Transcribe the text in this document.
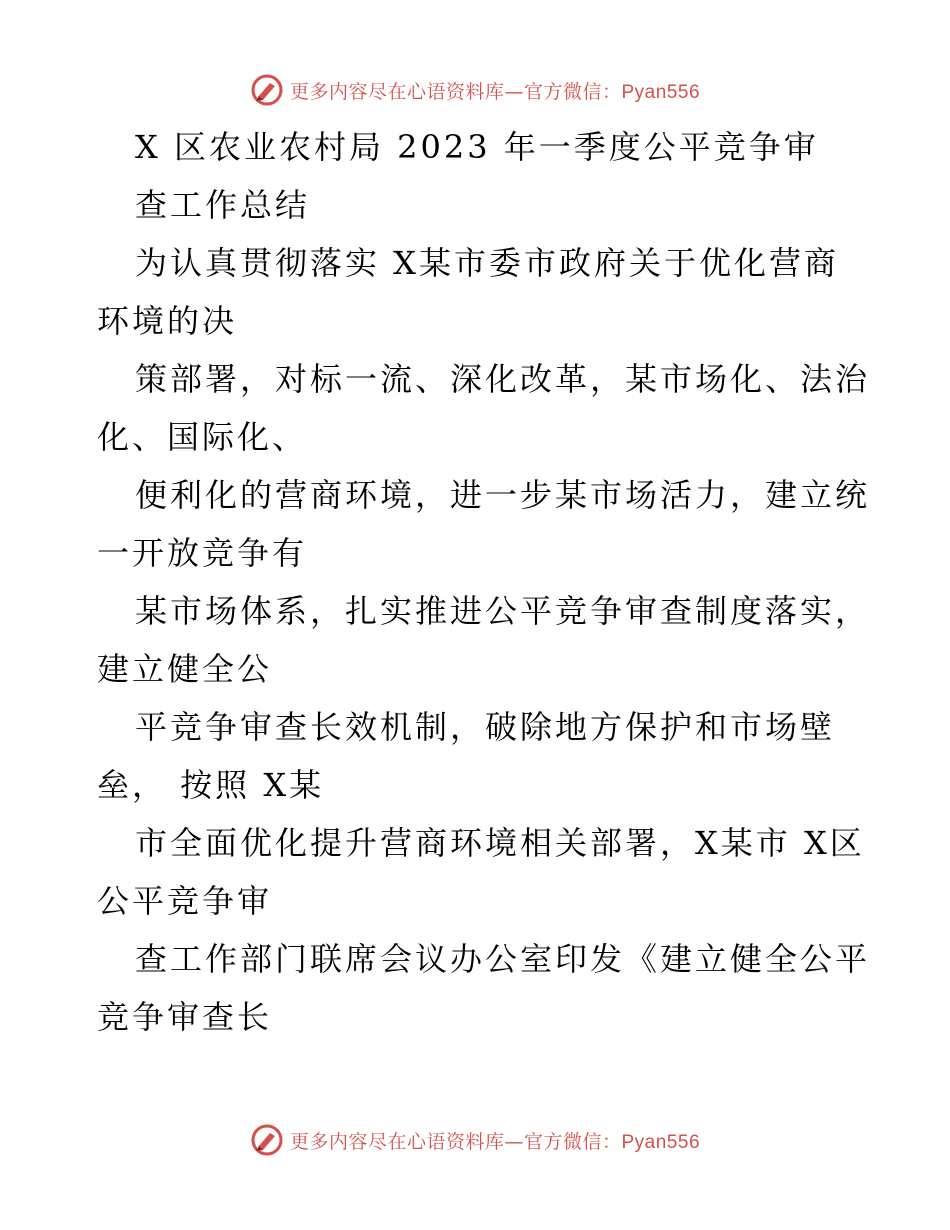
更多内容尽在心语资料库—官方微信：Pyan556
X 区农业农村局 2023 年一季度公平竞争审
查工作总结
为认真贯彻落实 X某市委市政府关于优化营商
环境的决
策部署，对标一流、深化改革，某市场化、法治
化、国际化、
便利化的营商环境，进一步某市场活力，建立统
一开放竞争有
某市场体系，扎实推进公平竞争审查制度落实，
建立健全公
平竞争审查长效机制，破除地方保护和市场壁
垒， 按照 X某
市全面优化提升营商环境相关部署，X某市 X区
公平竞争审
查工作部门联席会议办公室印发《建立健全公平
竞争审查长
更多内容尽在心语资料库—官方微信：Pyan556
